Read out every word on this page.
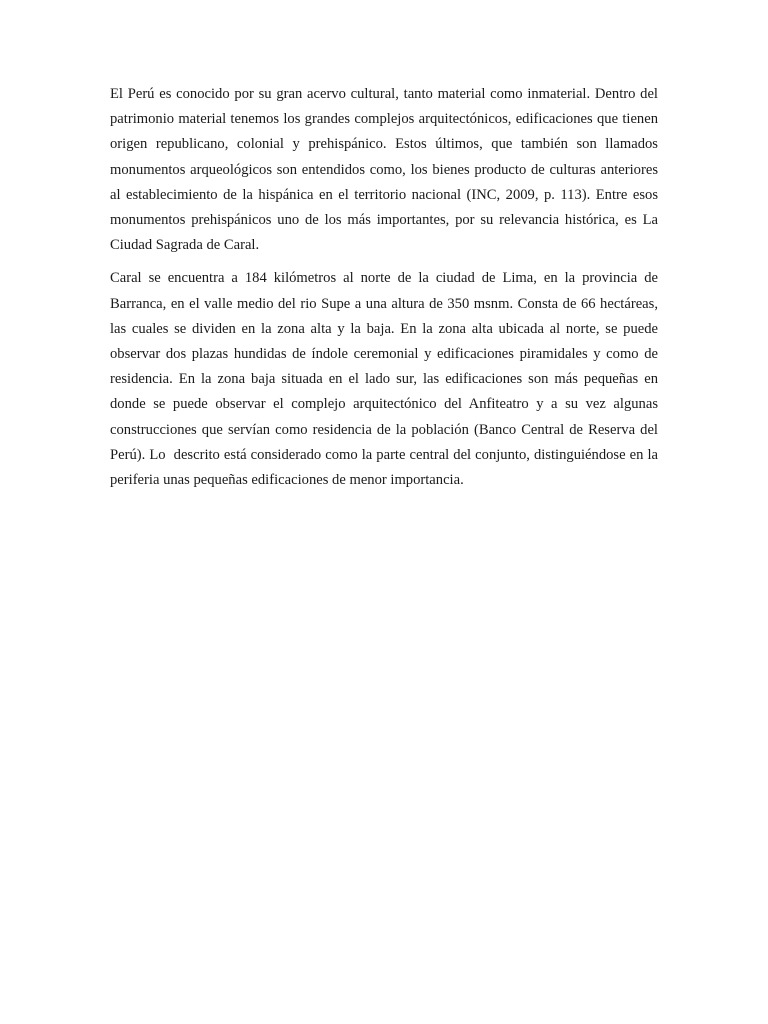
El Perú es conocido por su gran acervo cultural, tanto material como inmaterial. Dentro del patrimonio material tenemos los grandes complejos arquitectónicos, edificaciones que tienen origen republicano, colonial y prehispánico. Estos últimos, que también son llamados monumentos arqueológicos son entendidos como, los bienes producto de culturas anteriores al establecimiento de la hispánica en el territorio nacional (INC, 2009, p. 113). Entre esos monumentos prehispánicos uno de los más importantes, por su relevancia histórica, es La Ciudad Sagrada de Caral.

Caral se encuentra a 184 kilómetros al norte de la ciudad de Lima, en la provincia de Barranca, en el valle medio del rio Supe a una altura de 350 msnm. Consta de 66 hectáreas, las cuales se dividen en la zona alta y la baja. En la zona alta ubicada al norte, se puede observar dos plazas hundidas de índole ceremonial y edificaciones piramidales y como de residencia. En la zona baja situada en el lado sur, las edificaciones son más pequeñas en donde se puede observar el complejo arquitectónico del Anfiteatro y a su vez algunas construcciones que servían como residencia de la población (Banco Central de Reserva del Perú). Lo  descrito está considerado como la parte central del conjunto, distinguiéndose en la periferia unas pequeñas edificaciones de menor importancia.
